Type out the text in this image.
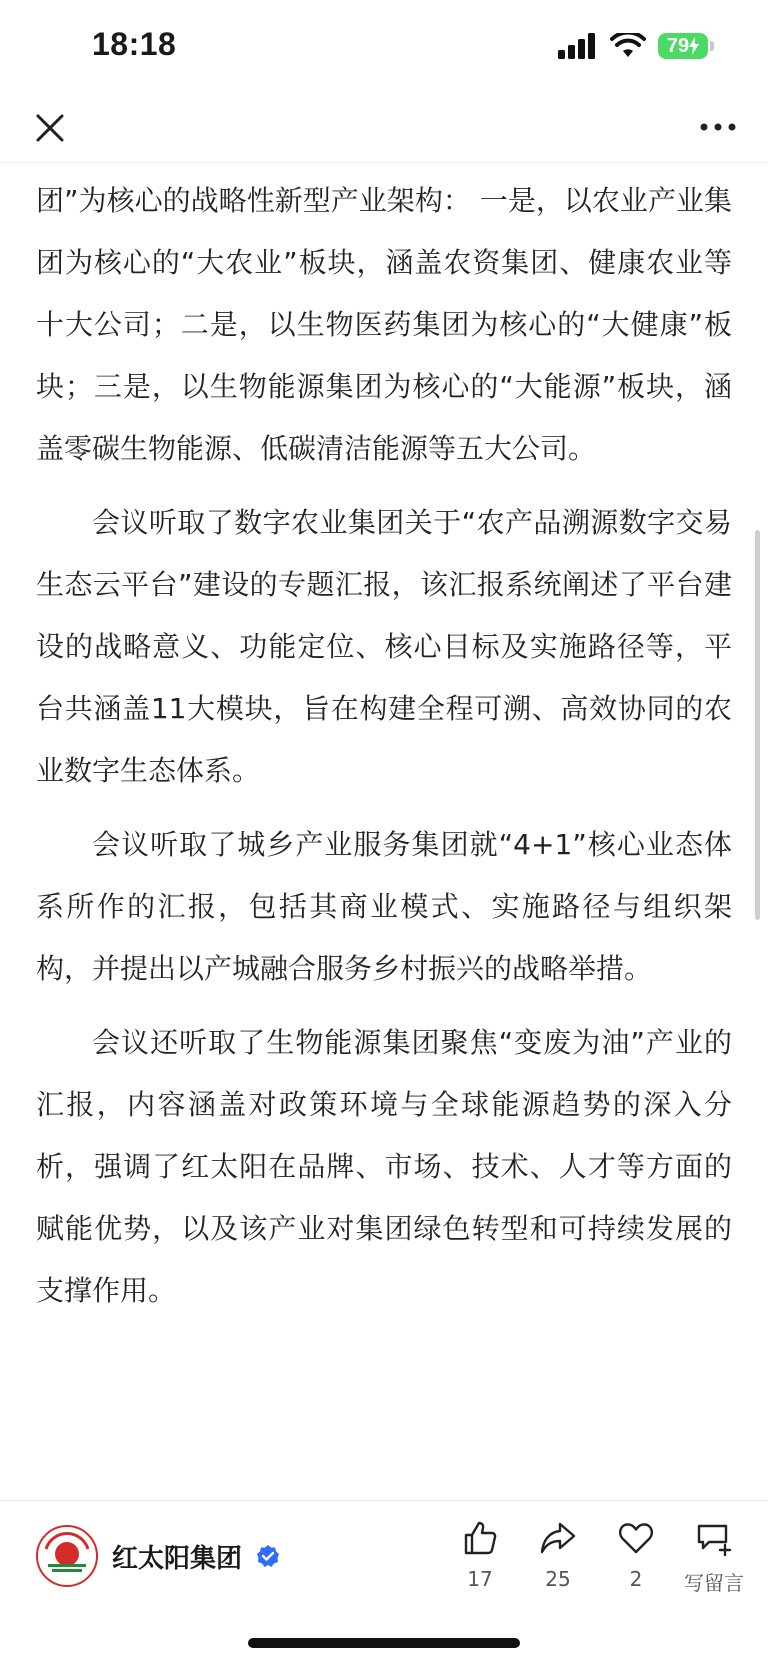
18:18	79

团”为核心的战略性新型产业架构： 一是，以农业产业集团为核心的“大农业”板块，涵盖农资集团、健康农业等十大公司；二是，以生物医药集团为核心的“大健康”板块；三是，以生物能源集团为核心的“大能源”板块，涵盖零碳生物能源、低碳清洁能源等五大公司。

会议听取了数字农业集团关于“农产品溯源数字交易生态云平台”建设的专题汇报，该汇报系统阐述了平台建设的战略意义、功能定位、核心目标及实施路径等，平台共涵盖11大模块，旨在构建全程可溯、高效协同的农业数字生态体系。

会议听取了城乡产业服务集团就“4+1”核心业态体系所作的汇报，包括其商业模式、实施路径与组织架构，并提出以产城融合服务乡村振兴的战略举措。

会议还听取了生物能源集团聚焦“变废为油”产业的汇报，内容涵盖对政策环境与全球能源趋势的深入分析，强调了红太阳在品牌、市场、技术、人才等方面的赋能优势，以及该产业对集团绿色转型和可持续发展的支撑作用。

红太阳集团
17	25	2 写留言
